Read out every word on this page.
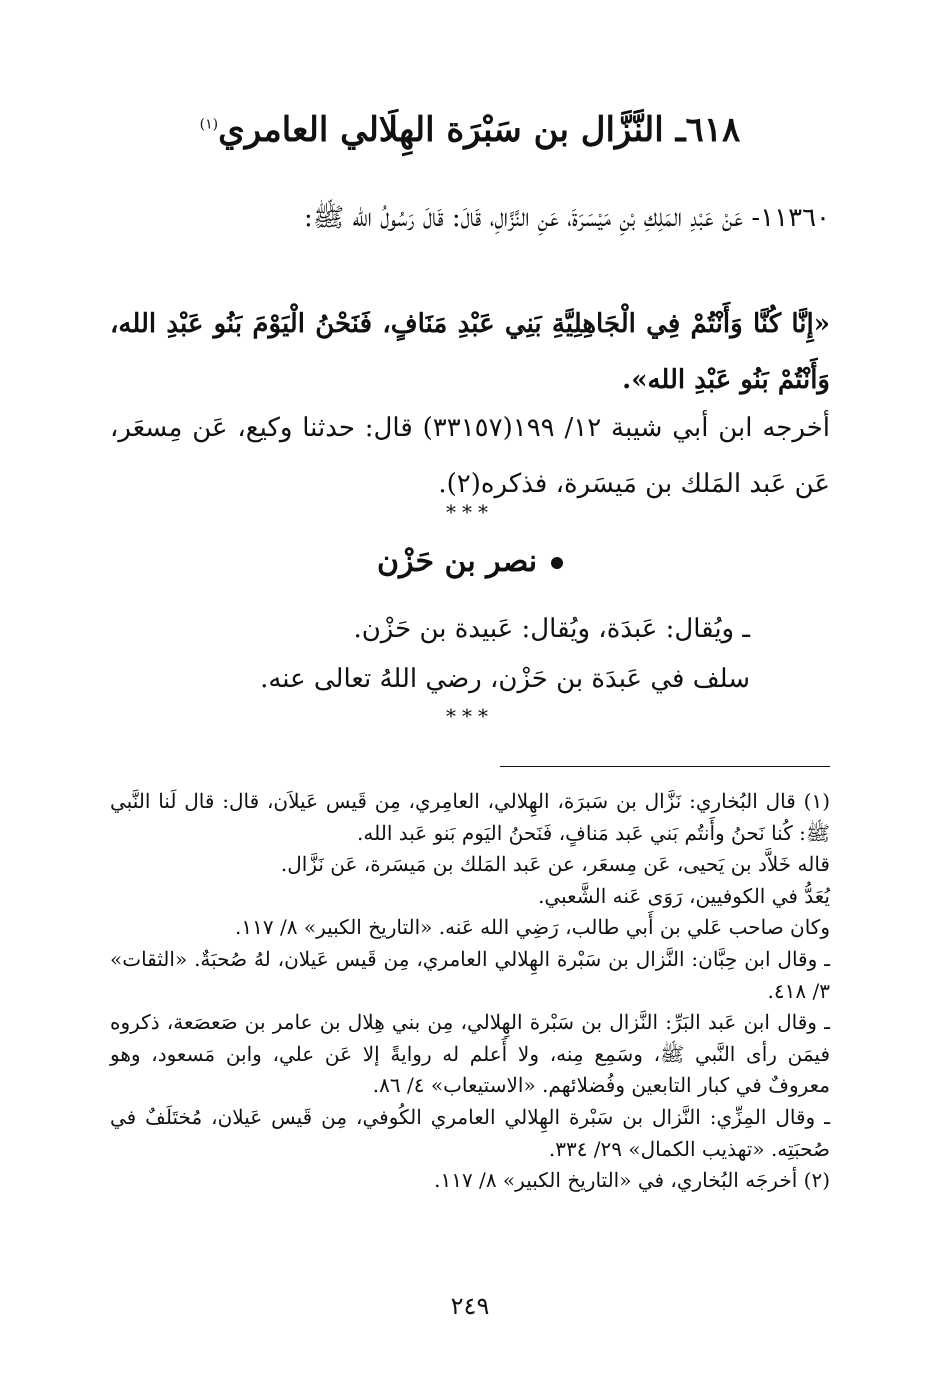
٦١٨ـ النَّزَّال بن سَبْرَة الهِلَالي العامري$^{(١)}$
١١٣٦٠- عَنْ عَبْدِ المَلِكِ بْنِ مَيْسَرَةَ، عَنِ النَّزَّالِ، قَالَ: قَالَ رَسُولُ الله ﷺ:
«إِنَّا كُنَّا وَأَنْتُمْ فِي الْجَاهِلِيَّةِ بَنِي عَبْدِ مَنَافٍ، فَنَحْنُ الْيَوْمَ بَنُو عَبْدِ الله، وَأَنْتُمْ بَنُو عَبْدِ الله».
أخرجه ابن أبي شيبة ١٢/ ١٩٩(٣٣١٥٧) قال: حدثنا وكيع، عَن مِسعَر، عَن عَبد المَلك بن مَيسَرة، فذكره(٢).
***
نصر بن حَزْن
ـ ويُقال: عَبدَة، ويُقال: عَبيدة بن حَزْن.
سلف في عَبدَة بن حَزْن، رضي اللهُ تعالى عنه.
***

(١) قال البُخاري: نَزَّال بن سَبرَة، الهِلالي، العامِري، مِن قَيس عَيلاَن، قال: قال لَنا النَّبي ﷺ: كُنا نَحنُ وأَنتُم بَني عَبد مَنافٍ، فَنَحنُ اليَوم بَنو عَبد الله.

قاله خَلاَّد بن يَحيى، عَن مِسعَر، عن عَبد المَلك بن مَيسَرة، عَن نَزَّال.

يُعَدُّ في الكوفيين، رَوَى عَنه الشَّعبي.

وكان صاحب عَلي بن أَبي طالب، رَضِي الله عَنه. «التاريخ الكبير» ٨/ ١١٧.

ـ وقال ابن حِبَّان: النَّزال بن سَبْرة الهِلالي العامري، مِن قَيس عَيلان، لهُ صُحبَةٌ. «الثقات» ٣/ ٤١٨.

ـ وقال ابن عَبد البَرِّ: النَّزال بن سَبْرة الهِلالي، مِن بني هِلال بن عامر بن صَعصَعة، ذكروه فيمَن رأى النَّبي ﷺ، وسَمِع مِنه، ولا أَعلم له روايةً إلا عَن علي، وابن مَسعود، وهو معروفٌ في كبار التابعين وفُضلائهم. «الاستيعاب» ٤/ ٨٦.

ـ وقال المِزِّي: النَّزال بن سَبْرة الهِلالي العامري الكُوفي، مِن قَيس عَيلان، مُختَلَفٌ في صُحبَتِه. «تهذيب الكمال» ٢٩/ ٣٣٤.

(٢) أخرجَه البُخاري، في «التاريخ الكبير» ٨/ ١١٧.

٢٤٩
